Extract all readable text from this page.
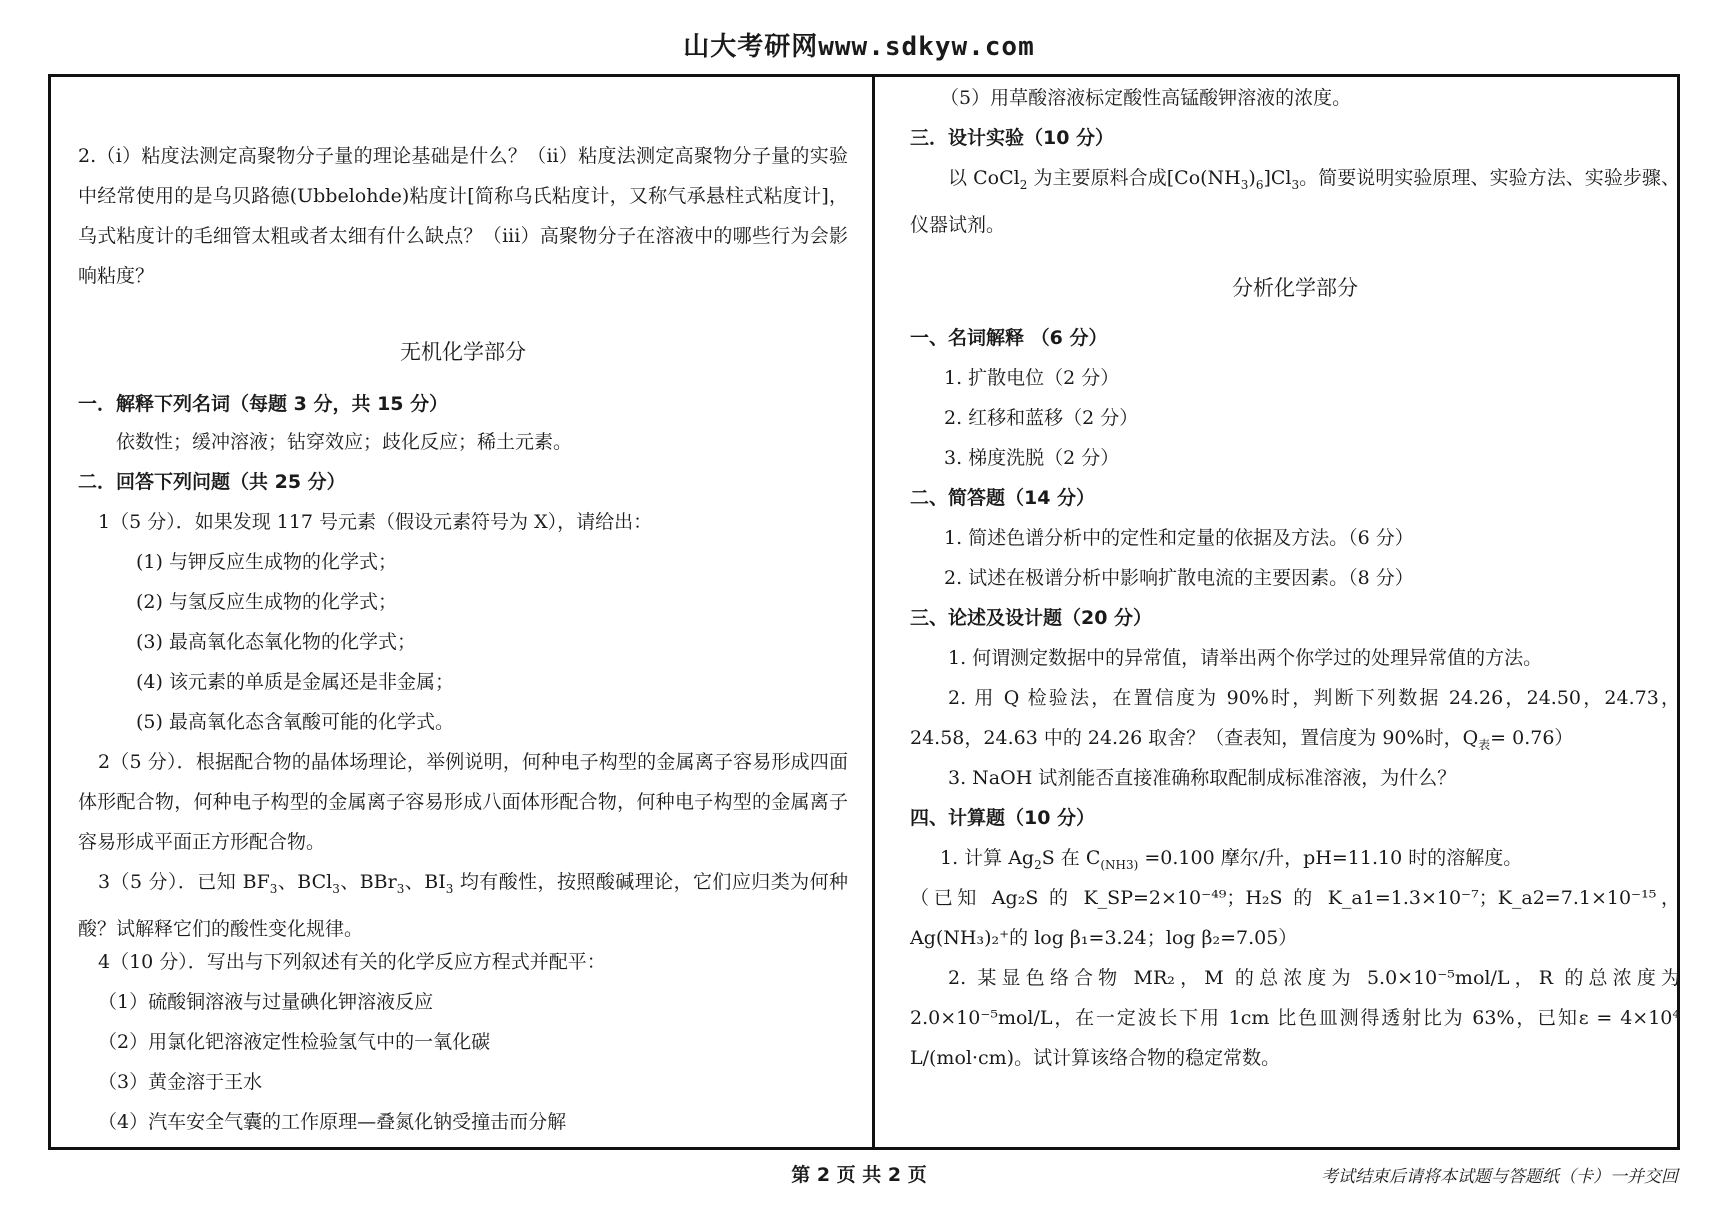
山大考研网www.sdkyw.com
2.（i）粘度法测定高聚物分子量的理论基础是什么？（ii）粘度法测定高聚物分子量的实验中经常使用的是乌贝路德(Ubbelohde)粘度计[简称乌氏粘度计，又称气承悬柱式粘度计]，乌式粘度计的毛细管太粗或者太细有什么缺点？（iii）高聚物分子在溶液中的哪些行为会影响粘度？
无机化学部分
一．解释下列名词（每题 3 分，共 15 分）
依数性；缓冲溶液；钻穿效应；歧化反应；稀土元素。
二．回答下列问题（共 25 分）
1（5 分）．如果发现 117 号元素（假设元素符号为 X），请给出：
(1) 与钾反应生成物的化学式；
(2) 与氢反应生成物的化学式；
(3) 最高氧化态氧化物的化学式；
(4) 该元素的单质是金属还是非金属；
(5) 最高氧化态含氧酸可能的化学式。
2（5 分）．根据配合物的晶体场理论，举例说明，何种电子构型的金属离子容易形成四面体形配合物，何种电子构型的金属离子容易形成八面体形配合物，何种电子构型的金属离子容易形成平面正方形配合物。
3（5 分）．已知 $BF_3$、BCl$_3$、BBr$_3$、$BI_3$ 均有酸性，按照酸碱理论，它们应归类为何种酸？试解释它们的酸性变化规律。
4（10 分）．写出与下列叙述有关的化学反应方程式并配平：
（1）硫酸铜溶液与过量碘化钾溶液反应
（2）用氯化钯溶液定性检验氢气中的一氧化碳
（3）黄金溶于王水
（4）汽车安全气囊的工作原理—叠氮化钠受撞击而分解
（5）用草酸溶液标定酸性高锰酸钾溶液的浓度。
三．设计实验（10 分）
以 CoCl$_2$ 为主要原料合成$[Co(NH_3)_6]Cl_3$。简要说明实验原理、实验方法、实验步骤、仪器试剂。
分析化学部分
一、名词解释 （6 分）
1. 扩散电位（2 分）
2. 红移和蓝移（2 分）
3. 梯度洗脱（2 分）
二、简答题（14 分）
1. 简述色谱分析中的定性和定量的依据及方法。（6 分）
2. 试述在极谱分析中影响扩散电流的主要因素。（8 分）
三、论述及设计题（20 分）
1. 何谓测定数据中的异常值，请举出两个你学过的处理异常值的方法。
2. 用 Q 检验法，在置信度为 90%时，判断下列数据 24.26，24.50，24.73，24.58，24.63 中的 24.26 取舍？（查表知，置信度为 90%时，$Q_表= 0.76$）
3. NaOH 试剂能否直接准确称取配制成标准溶液，为什么？
四、计算题（10 分）
1. 计算 $Ag_2S$ 在 $C_{(NH3)} =0.100$ 摩尔/升，pH=11.10 时的溶解度。
（已知 Ag₂S 的 K_SP=2×10⁻⁴⁹；H₂S 的 K_a1=1.3×10⁻⁷；K_a2=7.1×10⁻¹⁵，Ag(NH₃)₂⁺的 log β₁=3.24；log β₂=7.05）
2. 某显色络合物 MR₂，M 的总浓度为 5.0×10⁻⁵mol/L，R 的总浓度为 2.0×10⁻⁵mol/L，在一定波长下用 1cm 比色皿测得透射比为 63%，已知ε = 4×10⁴ L/(mol·cm)。试计算该络合物的稳定常数。
第 2 页 共 2 页	考试结束后请将本试题与答题纸（卡）一并交回
